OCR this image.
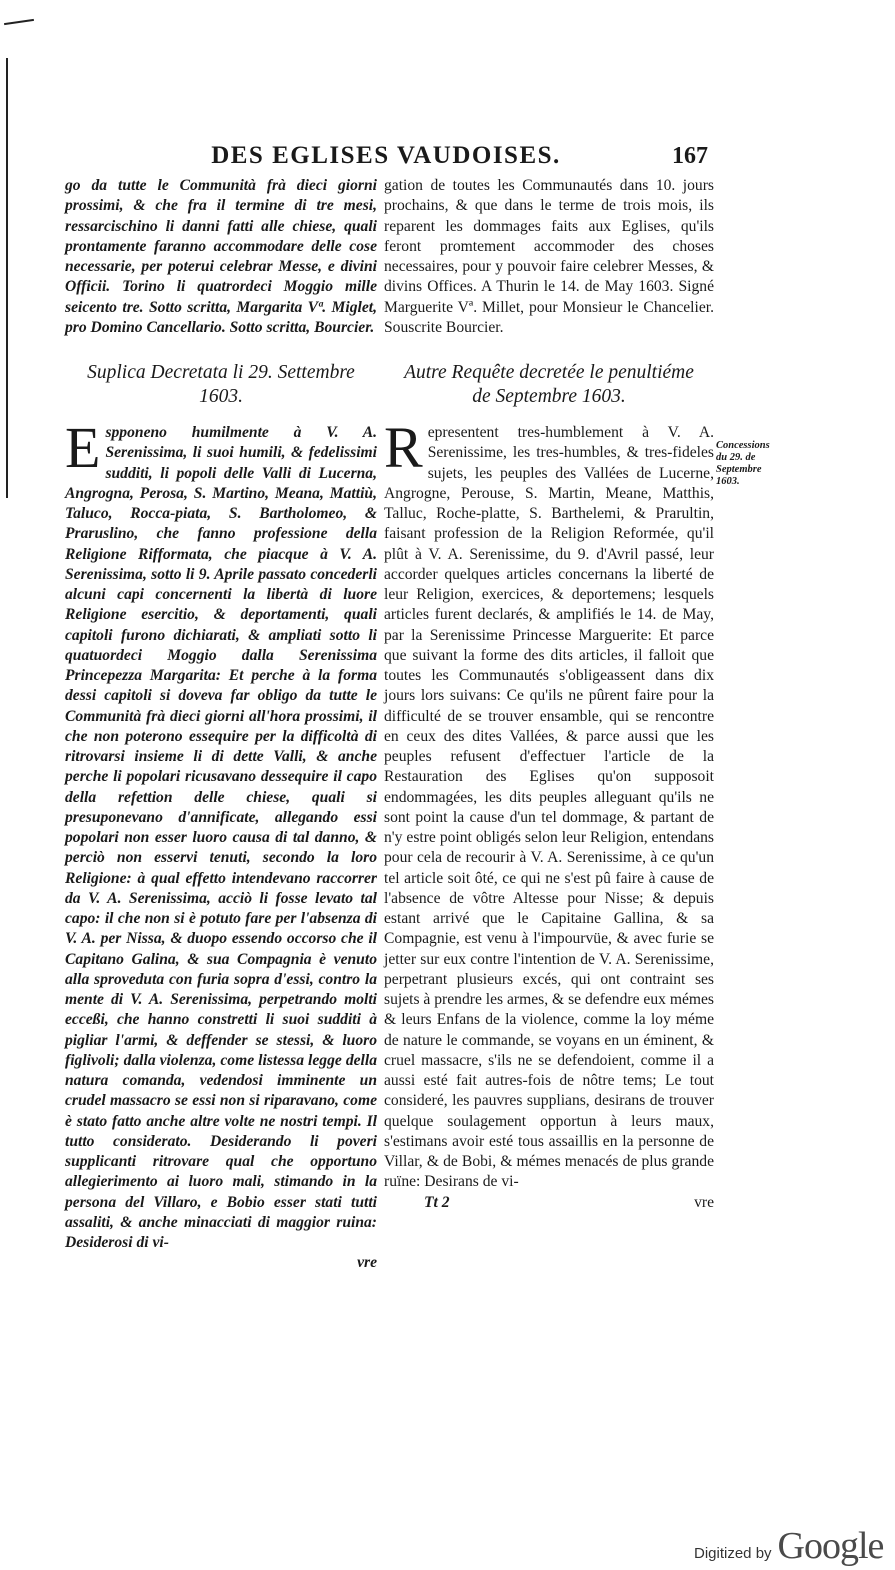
DES EGLISES VAUDOISES.	167

go da tutte le Communità frà dieci giorni prossimi, & che fra il termine di tre mesi, ressarcischino li danni fatti alle chiese, quali prontamente faranno accommodare delle cose necessarie, per poterui celebrar Messe, e divini Officii. Torino li quatrordeci Moggio mille seicento tre. Sotto scritta, Margarita Vª. Miglet, pro Domino Cancellario. Sotto scritta, Bourcier.

Suplica Decretata li 29. Settembre 1603.

Espponeno humilmente à V. A. Serenissima, li suoi humili, & fedelissimi sudditi, li popoli delle Valli di Lucerna, Angrogna, Perosa, S. Martino, Meana, Mattiù, Taluco, Rocca-piata, S. Bartholomeo, & Praruslino, che fanno professione della Religione Rifformata, che piacque à V. A. Serenissima, sotto li 9. Aprile passato concederli alcuni capi concernenti la libertà di luore Religione esercitio, & deportamenti, quali capitoli furono dichiarati, & ampliati sotto li quatuordeci Moggio dalla Serenissima Princepezza Margarita: Et perche à la forma dessi capitoli si doveva far obligo da tutte le Communità frà dieci giorni all'hora prossimi, il che non poterono essequire per la difficoltà di ritrovarsi insieme li di dette Valli, & anche perche li popolari ricusavano dessequire il capo della refettion delle chiese, quali si presuponevano d'annificate, allegando essi popolari non esser luoro causa di tal danno, & perciò non esservi tenuti, secondo la loro Religione: à qual effetto intendevano raccorrer da V. A. Serenissima, acciò li fosse levato tal capo: il che non si è potuto fare per l'absenza di V. A. per Nissa, & duopo essendo occorso che il Capitano Galina, & sua Compagnia è venuto alla sproveduta con furia sopra d'essi, contro la mente di V. A. Serenissima, perpetrando molti ecceßi, che hanno constretti li suoi sudditi à pigliar l'armi, & deffender se stessi, & luoro figlivoli; dalla violenza, come listessa legge della natura comanda, vedendosi imminente un crudel massacro se essi non si riparavano, come è stato fatto anche altre volte ne nostri tempi. Il tutto considerato. Desiderando li poveri supplicanti ritrovare qual che opportuno allegierimento ai luoro mali, stimando in la persona del Villaro, e Bobio esser stati tutti assaliti, & anche minacciati di maggior ruina: Desiderosi di vi-

vre

gation de toutes les Communautés dans 10. jours prochains, & que dans le terme de trois mois, ils reparent les dommages faits aux Eglises, qu'ils feront promtement accommoder des choses necessaires, pour y pouvoir faire celebrer Messes, & divins Offices. A Thurin le 14. de May 1603. Signé Marguerite Vª. Millet, pour Monsieur le Chancelier. Souscrite Bourcier.

Autre Requête decretée le penultiéme de Septembre 1603.

Representent tres-humblement à V. A. Serenissime, les tres-humbles, & tres-fideles sujets, les peuples des Vallées de Lucerne, Angrogne, Perouse, S. Martin, Meane, Matthis, Talluc, Roche-platte, S. Barthelemi, & Prarultin, faisant profession de la Religion Reformée, qu'il plût à V. A. Serenissime, du 9. d'Avril passé, leur accorder quelques articles concernans la liberté de leur Religion, exercices, & deportemens; lesquels articles furent declarés, & amplifiés le 14. de May, par la Serenissime Princesse Marguerite: Et parce que suivant la forme des dits articles, il falloit que toutes les Communautés s'obligeassent dans dix jours lors suivans: Ce qu'ils ne pûrent faire pour la difficulté de se trouver ensamble, qui se rencontre en ceux des dites Vallées, & parce aussi que les peuples refusent d'effectuer l'article de la Restauration des Eglises qu'on supposoit endommagées, les dits peuples alleguant qu'ils ne sont point la cause d'un tel dommage, & partant de n'y estre point obligés selon leur Religion, entendans pour cela de recourir à V. A. Serenissime, à ce qu'un tel article soit ôté, ce qui ne s'est pû faire à cause de l'absence de vôtre Altesse pour Nisse; & depuis estant arrivé que le Capitaine Gallina, & sa Compagnie, est venu à l'impourvüe, & avec furie se jetter sur eux contre l'intention de V. A. Serenissime, perpetrant plusieurs excés, qui ont contraint ses sujets à prendre les armes, & se defendre eux mémes & leurs Enfans de la violence, comme la loy méme de nature le commande, se voyans en un éminent, & cruel massacre, s'ils ne se defendoient, comme il a aussi esté fait autres-fois de nôtre tems; Le tout consideré, les pauvres supplians, desirans de trouver quelque soulagement opportun à leurs maux, s'estimans avoir esté tous assaillis en la personne de Villar, & de Bobi, & mémes menacés de plus grande ruïne: Desirans de vi-

Tt 2	vre
Concessions du 29. de Septembre 1603.
Digitized by Google
